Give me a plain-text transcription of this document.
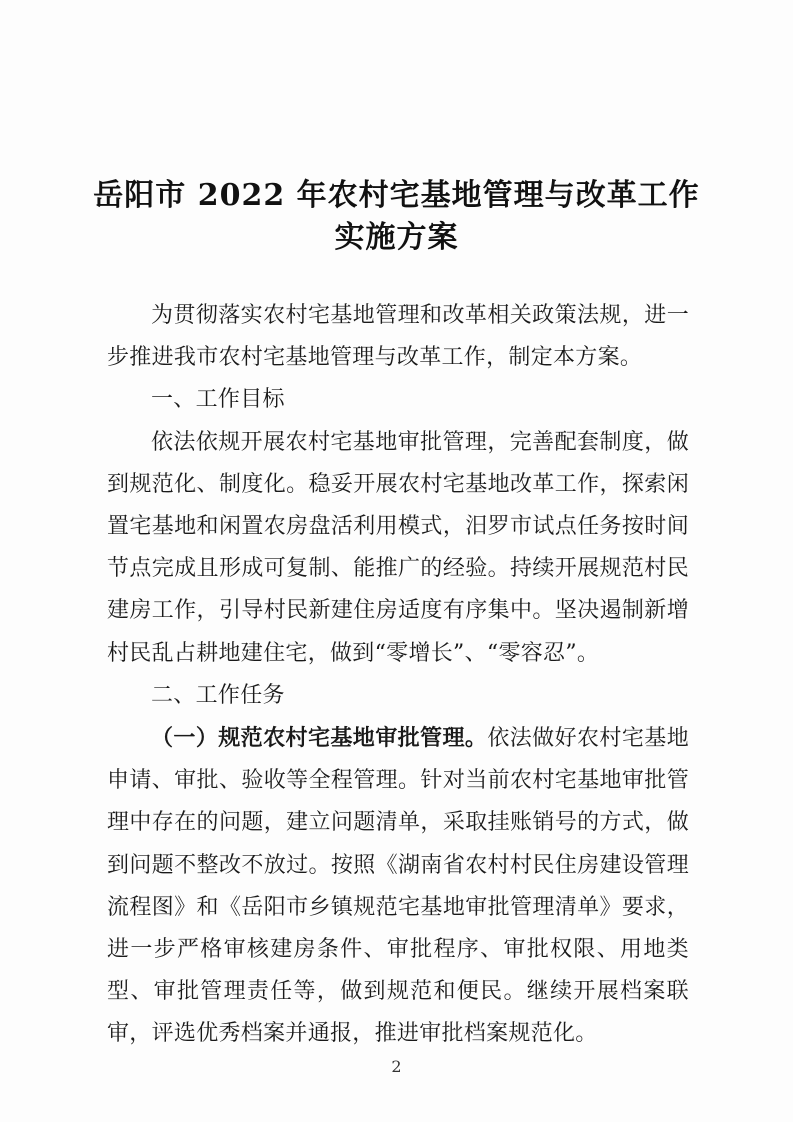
岳阳市 2022 年农村宅基地管理与改革工作
实施方案

为贯彻落实农村宅基地管理和改革相关政策法规，进一步推进我市农村宅基地管理与改革工作，制定本方案。

一、工作目标

依法依规开展农村宅基地审批管理，完善配套制度，做到规范化、制度化。稳妥开展农村宅基地改革工作，探索闲置宅基地和闲置农房盘活利用模式，汨罗市试点任务按时间节点完成且形成可复制、能推广的经验。持续开展规范村民建房工作，引导村民新建住房适度有序集中。坚决遏制新增村民乱占耕地建住宅，做到“零增长”、“零容忍”。

二、工作任务

（一）规范农村宅基地审批管理。依法做好农村宅基地申请、审批、验收等全程管理。针对当前农村宅基地审批管理中存在的问题，建立问题清单，采取挂账销号的方式，做到问题不整改不放过。按照《湖南省农村村民住房建设管理流程图》和《岳阳市乡镇规范宅基地审批管理清单》要求，进一步严格审核建房条件、审批程序、审批权限、用地类型、审批管理责任等，做到规范和便民。继续开展档案联审，评选优秀档案并通报，推进审批档案规范化。

2
